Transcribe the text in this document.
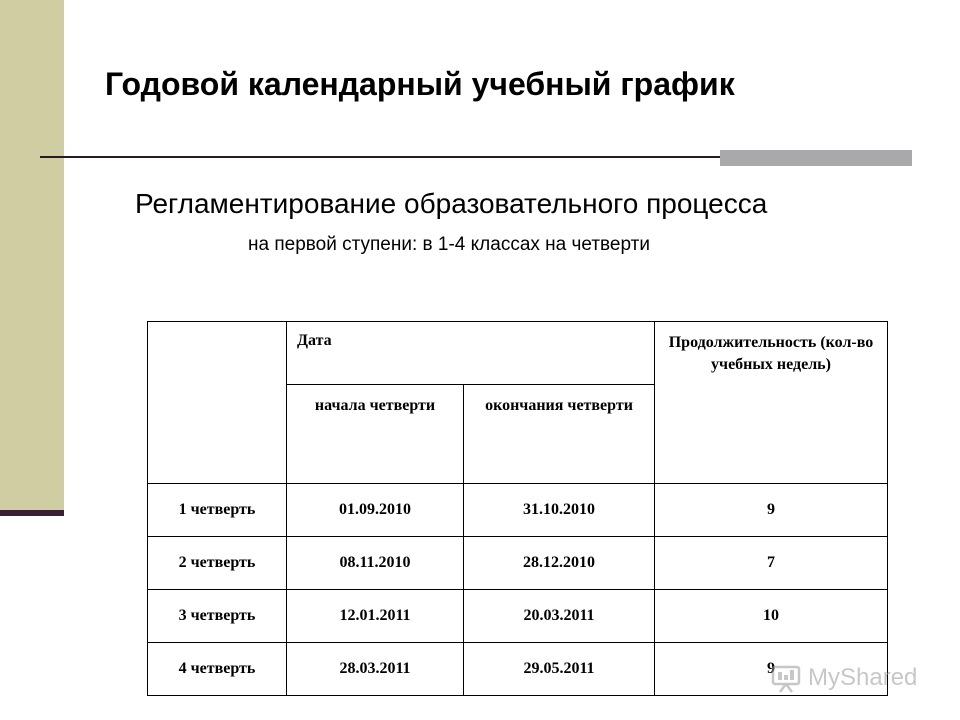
Годовой календарный учебный график

Регламентирование образовательного процесса

на первой ступени: в 1-4 классах на четверти

	Дата		Продолжительность (кол-во учебных недель)
	начала четверти	окончания четверти	
1 четверть	01.09.2010	31.10.2010	9
2 четверть	08.11.2010	28.12.2010	7
3 четверть	12.01.2011	20.03.2011	10
4 четверть	28.03.2011	29.05.2011	9 MyShared
